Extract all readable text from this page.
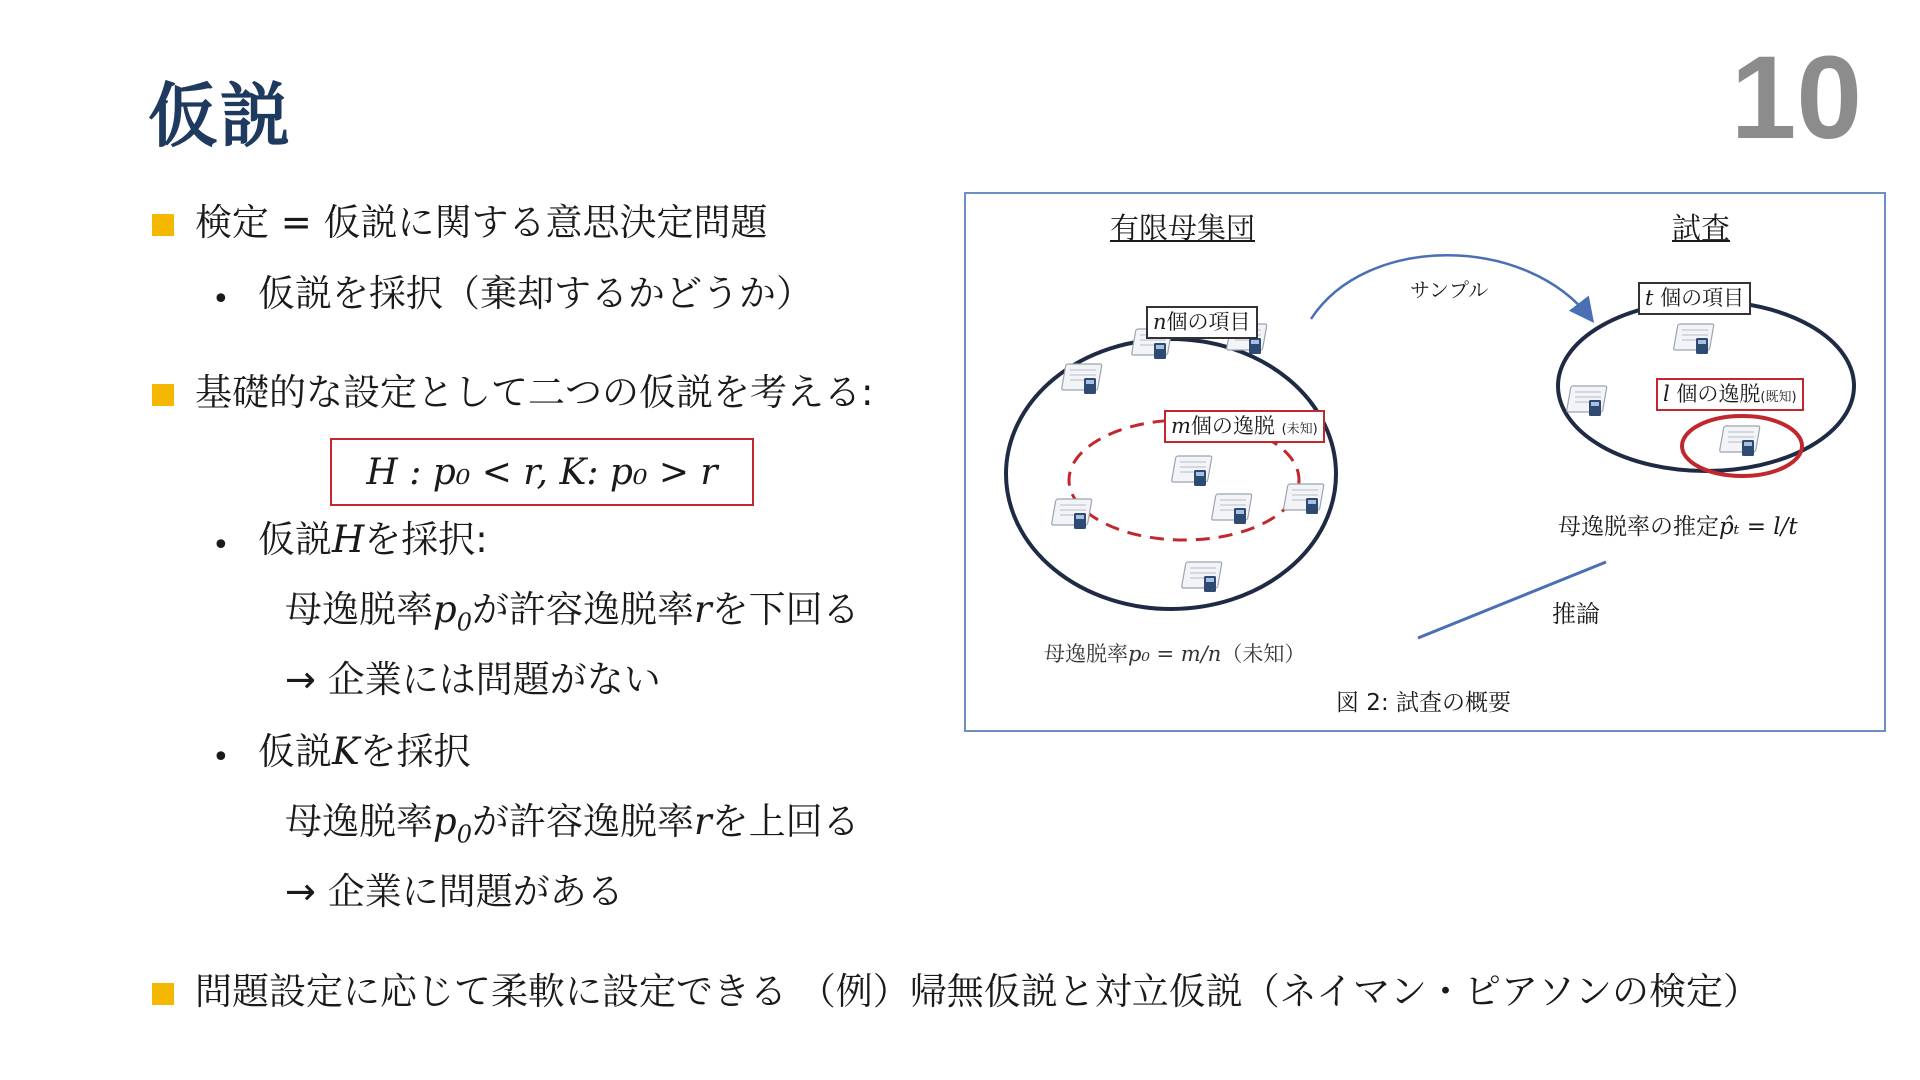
仮説	10
検定 = 仮説に関する意思決定問題
• 仮説を採択（棄却するかどうか）
基礎的な設定として二つの仮説を考える:
H : p₀ < r, K: p₀ > r
• 仮説Hを採択:
母逸脱率$p_0$が許容逸脱率rを下回る
→ 企業には問題がない
• 仮説Kを採択
母逸脱率$p_0$が許容逸脱率rを上回る
→ 企業に問題がある
問題設定に応じて柔軟に設定できる （例）帰無仮説と対立仮説（ネイマン・ピアソンの検定）
有限母集団	試査
サンプル
n個の項目
m個の逸脱 (未知)
t 個の項目
l 個の逸脱(既知)
母逸脱率の推定p̂ₜ = l/t
推論
母逸脱率p₀ = m/n（未知）
図 2: 試査の概要
